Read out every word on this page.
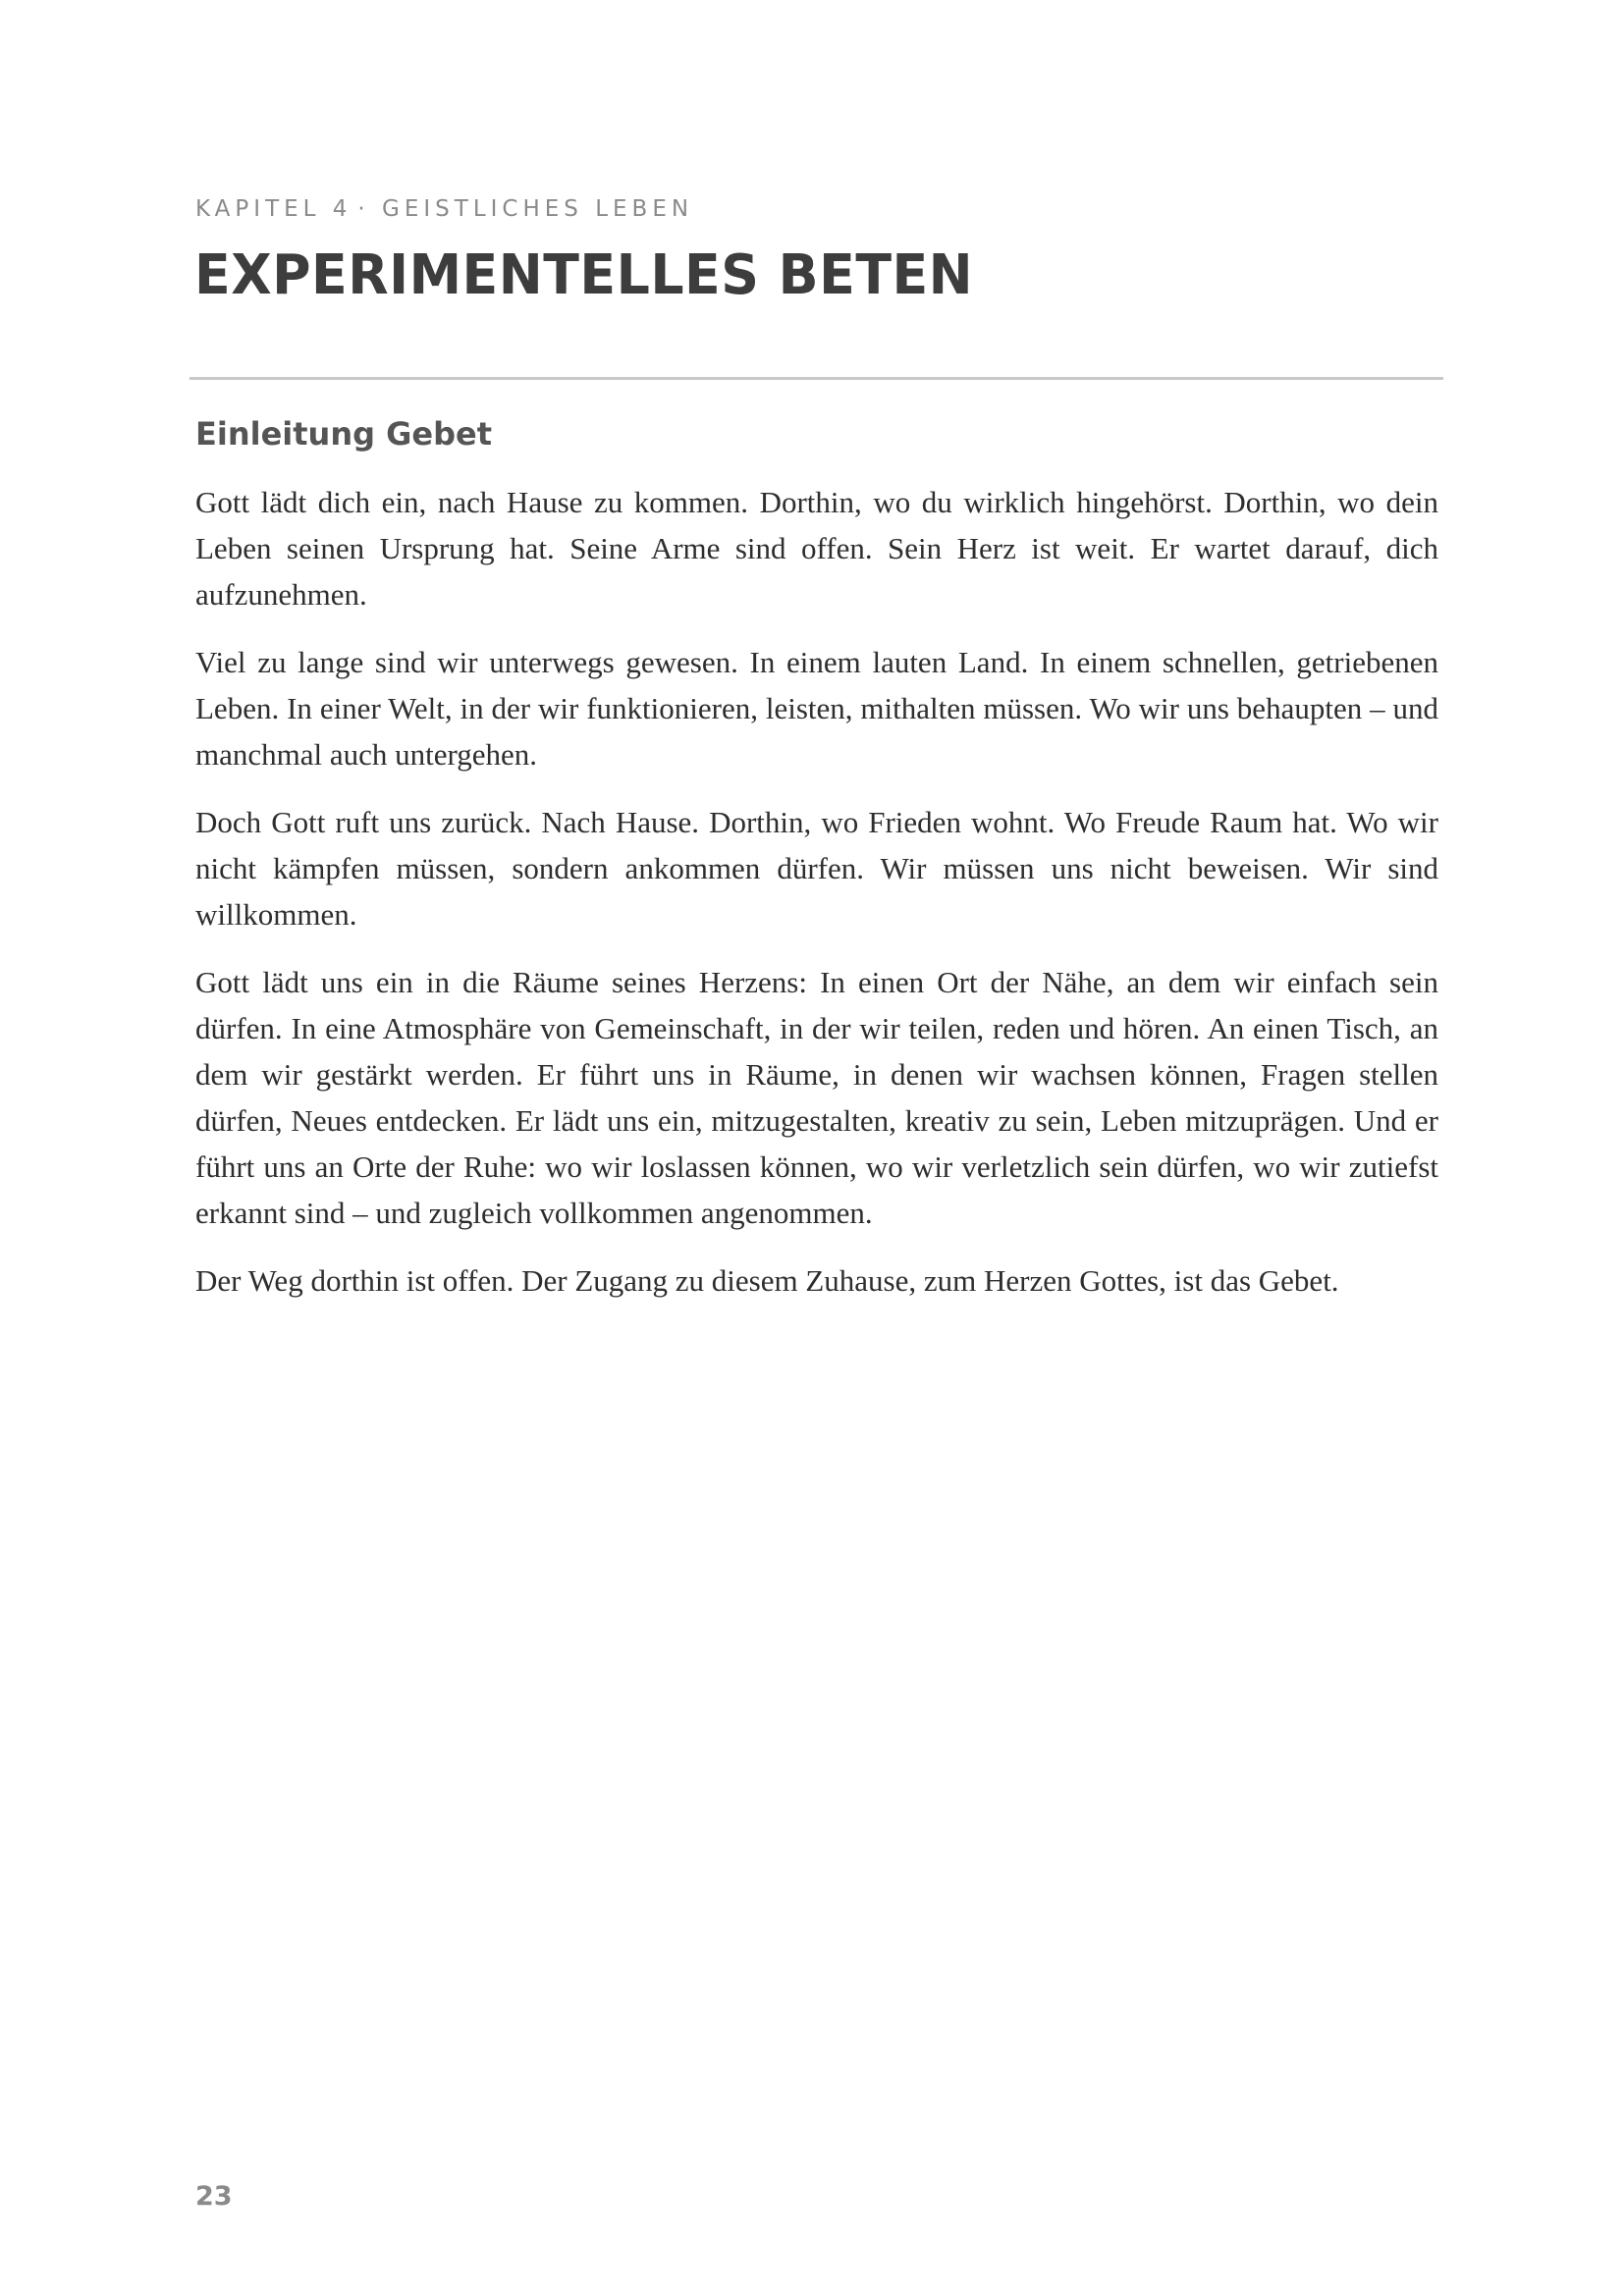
KAPITEL 4 · GEISTLICHES LEBEN
EXPERIMENTELLES BETEN
Einleitung Gebet

Gott lädt dich ein, nach Hause zu kommen. Dorthin, wo du wirklich hingehörst. Dorthin, wo dein Leben seinen Ursprung hat. Seine Arme sind offen. Sein Herz ist weit. Er wartet darauf, dich aufzunehmen.

Viel zu lange sind wir unterwegs gewesen. In einem lauten Land. In einem schnellen, getriebenen Leben. In einer Welt, in der wir funktionieren, leisten, mithalten müssen. Wo wir uns behaupten – und manchmal auch untergehen.

Doch Gott ruft uns zurück. Nach Hause. Dorthin, wo Frieden wohnt. Wo Freude Raum hat. Wo wir nicht kämpfen müssen, sondern ankommen dürfen. Wir müssen uns nicht beweisen. Wir sind willkommen.

Gott lädt uns ein in die Räume seines Herzens: In einen Ort der Nähe, an dem wir einfach sein dürfen. In eine Atmosphäre von Gemeinschaft, in der wir teilen, reden und hören. An einen Tisch, an dem wir gestärkt werden. Er führt uns in Räume, in denen wir wachsen können, Fragen stellen dürfen, Neues entdecken. Er lädt uns ein, mitzugestalten, kreativ zu sein, Leben mitzuprägen. Und er führt uns an Orte der Ruhe: wo wir loslassen können, wo wir verletzlich sein dürfen, wo wir zutiefst erkannt sind – und zugleich vollkommen angenommen.

Der Weg dorthin ist offen. Der Zugang zu diesem Zuhause, zum Herzen Gottes, ist das Gebet.

23
